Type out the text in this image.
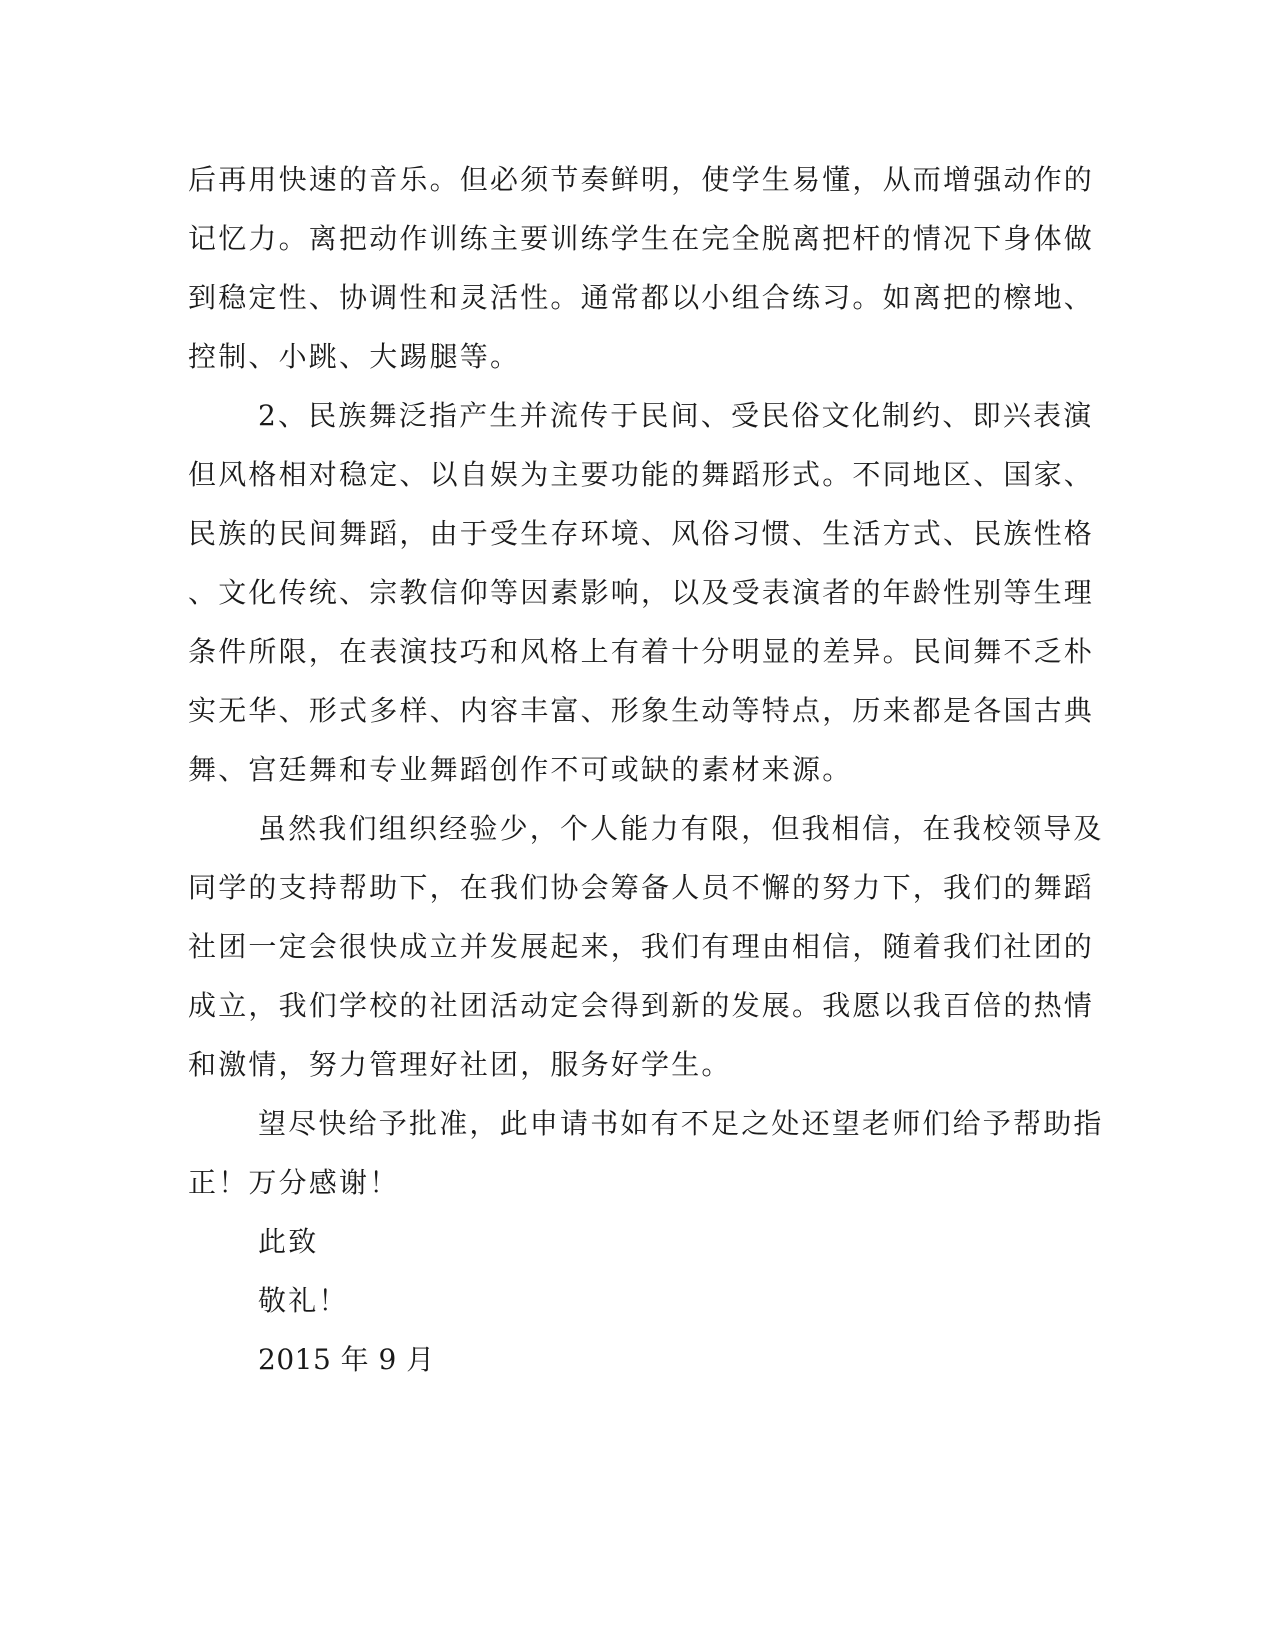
后再用快速的音乐。但必须节奏鲜明，使学生易懂，从而增强动作的
记忆力。离把动作训练主要训练学生在完全脱离把杆的情况下身体做
到稳定性、协调性和灵活性。通常都以小组合练习。如离把的檫地、
控制、小跳、大踢腿等。
2、民族舞泛指产生并流传于民间、受民俗文化制约、即兴表演
但风格相对稳定、以自娱为主要功能的舞蹈形式。不同地区、国家、
民族的民间舞蹈，由于受生存环境、风俗习惯、生活方式、民族性格
、文化传统、宗教信仰等因素影响，以及受表演者的年龄性别等生理
条件所限，在表演技巧和风格上有着十分明显的差异。民间舞不乏朴
实无华、形式多样、内容丰富、形象生动等特点，历来都是各国古典
舞、宫廷舞和专业舞蹈创作不可或缺的素材来源。
虽然我们组织经验少，个人能力有限，但我相信，在我校领导及
同学的支持帮助下，在我们协会筹备人员不懈的努力下，我们的舞蹈
社团一定会很快成立并发展起来，我们有理由相信，随着我们社团的
成立，我们学校的社团活动定会得到新的发展。我愿以我百倍的热情
和激情，努力管理好社团，服务好学生。
望尽快给予批准，此申请书如有不足之处还望老师们给予帮助指
正！万分感谢！
此致
敬礼！
2015 年 9 月
